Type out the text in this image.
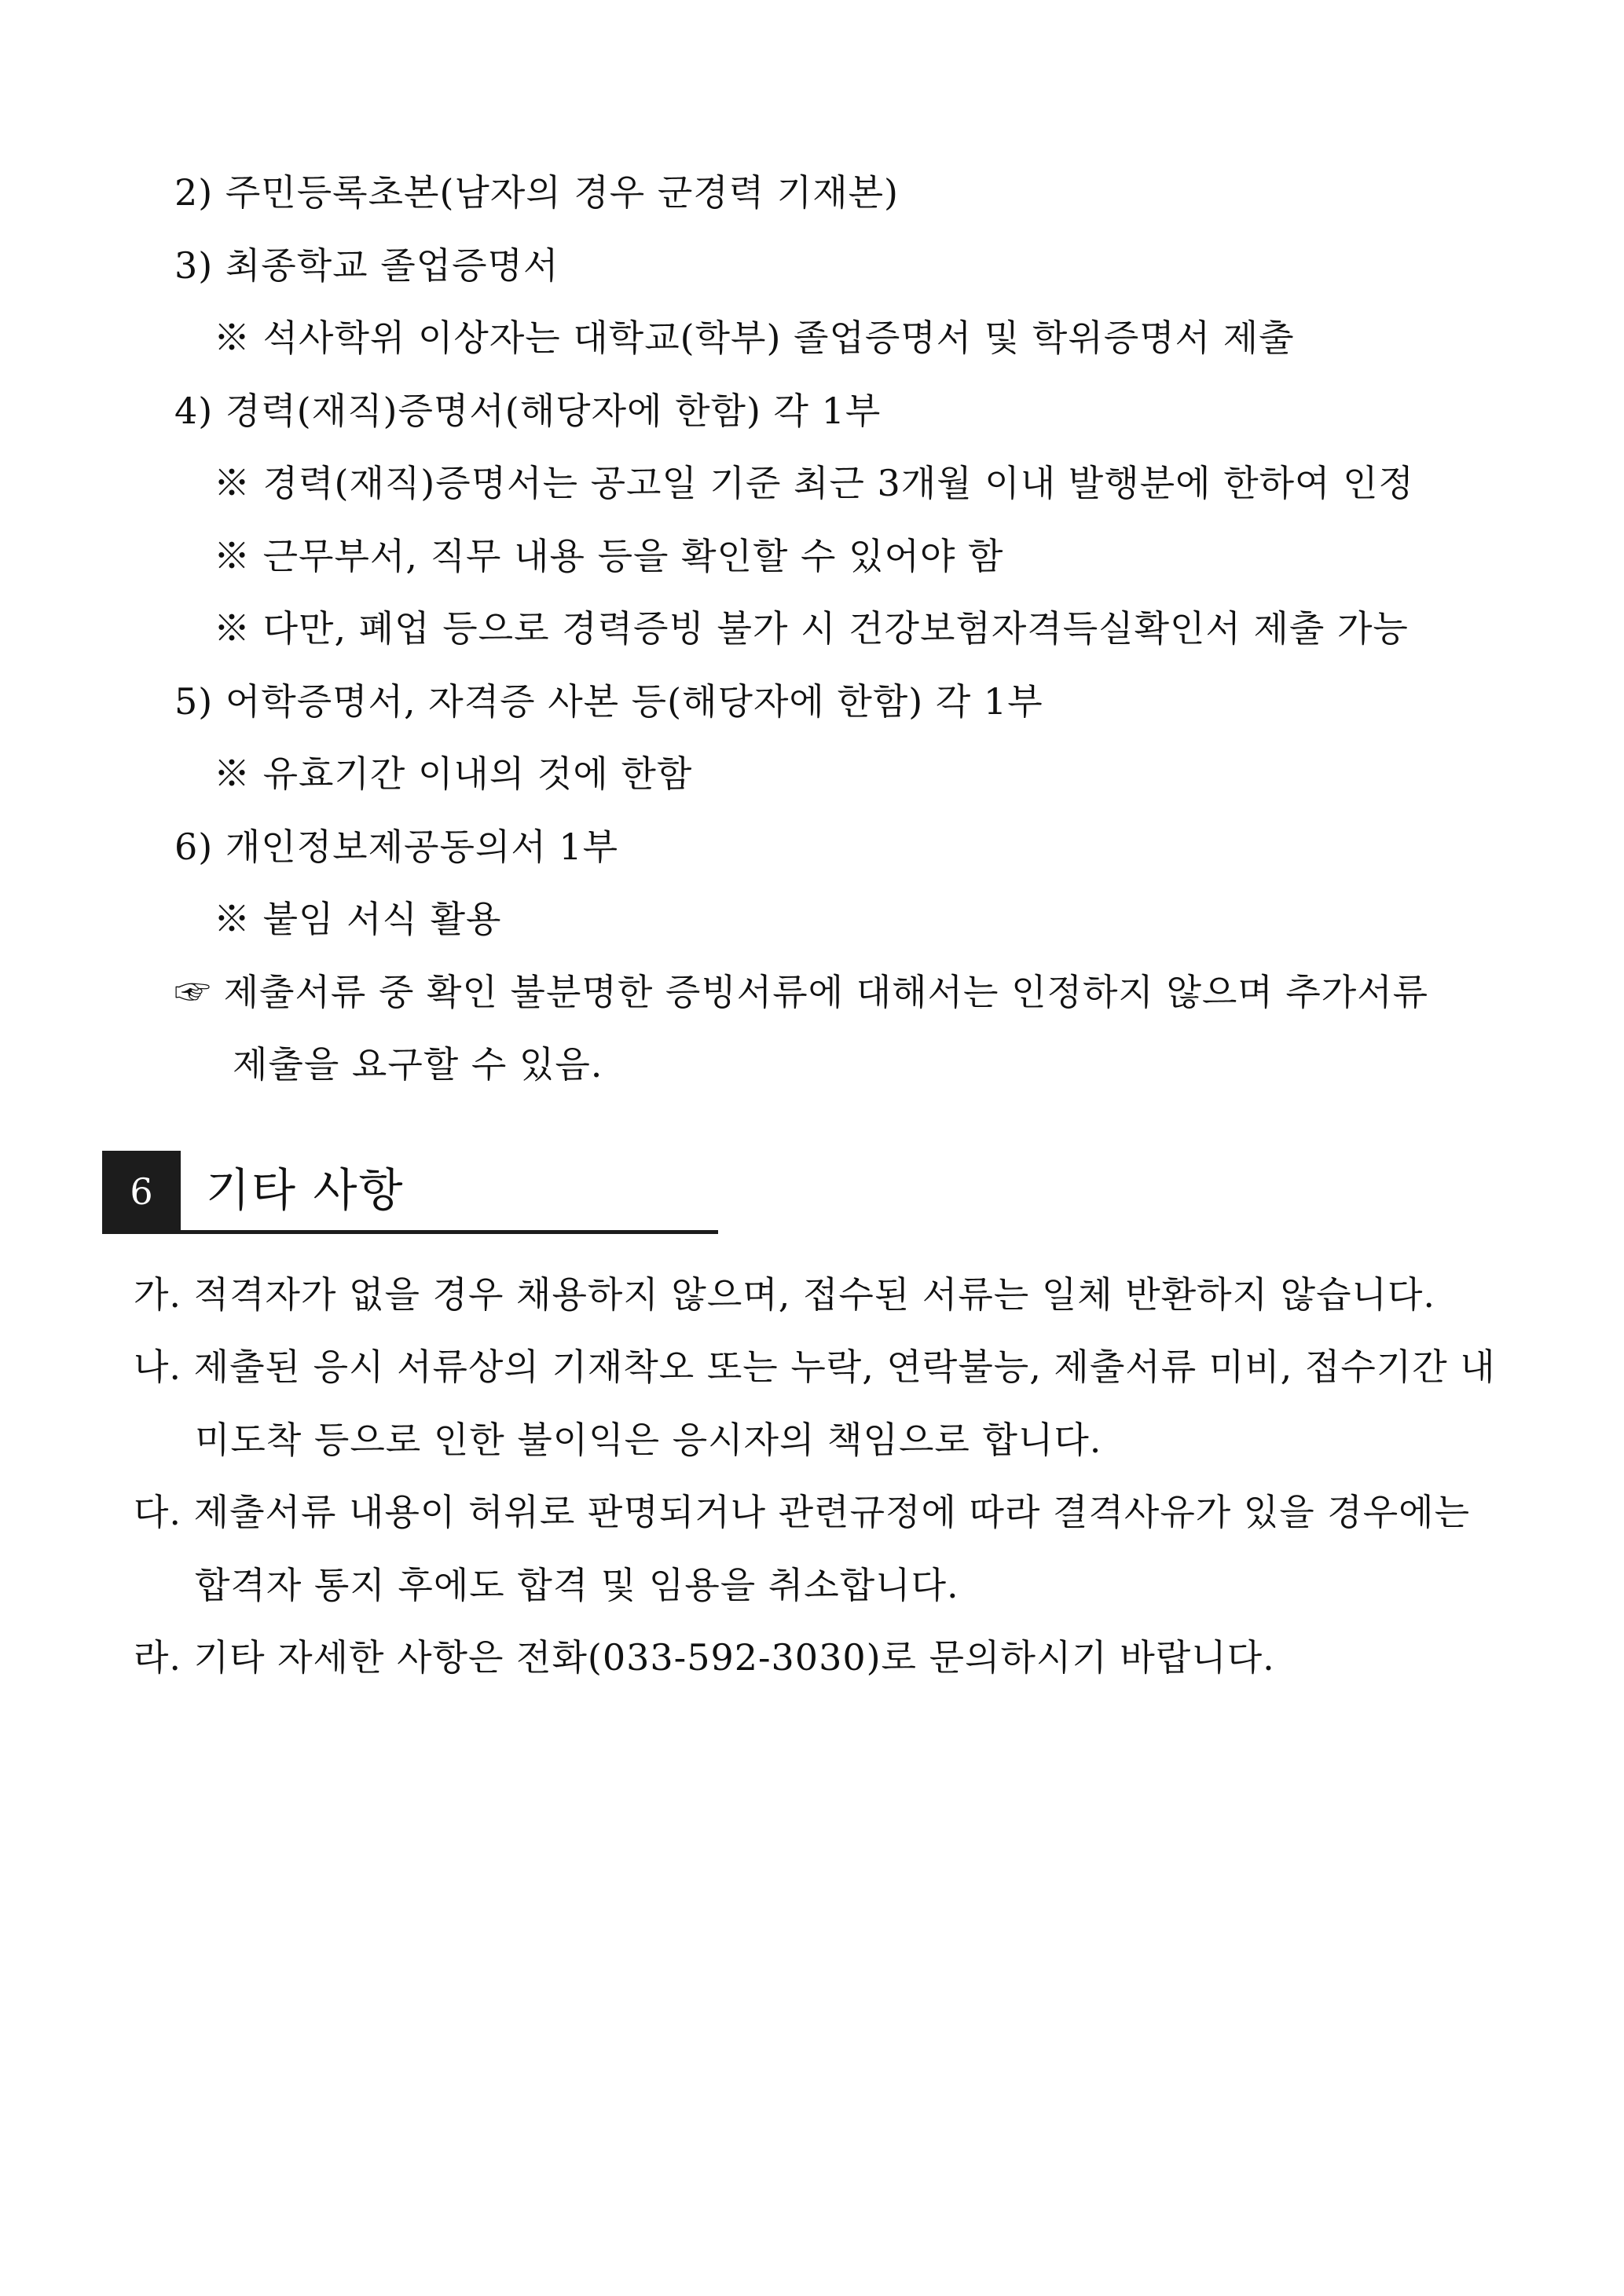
2) 주민등록초본(남자의 경우 군경력 기재본)
3) 최종학교 졸업증명서
※ 석사학위 이상자는 대학교(학부) 졸업증명서 및 학위증명서 제출
4) 경력(재직)증명서(해당자에 한함) 각 1부
※ 경력(재직)증명서는 공고일 기준 최근 3개월 이내 발행분에 한하여 인정
※ 근무부서, 직무 내용 등을 확인할 수 있어야 함
※ 다만, 폐업 등으로 경력증빙 불가 시 건강보험자격득실확인서 제출 가능
5) 어학증명서, 자격증 사본 등(해당자에 한함) 각 1부
※ 유효기간 이내의 것에 한함
6) 개인정보제공동의서 1부
※ 붙임 서식 활용
☞ 제출서류 중 확인 불분명한 증빙서류에 대해서는 인정하지 않으며 추가서류
제출을 요구할 수 있음.
6	기타 사항
가. 적격자가 없을 경우 채용하지 않으며, 접수된 서류는 일체 반환하지 않습니다.
나. 제출된 응시 서류상의 기재착오 또는 누락, 연락불능, 제출서류 미비, 접수기간 내
미도착 등으로 인한 불이익은 응시자의 책임으로 합니다.
다. 제출서류 내용이 허위로 판명되거나 관련규정에 따라 결격사유가 있을 경우에는
합격자 통지 후에도 합격 및 임용을 취소합니다.
라. 기타 자세한 사항은 전화(033-592-3030)로 문의하시기 바랍니다.
